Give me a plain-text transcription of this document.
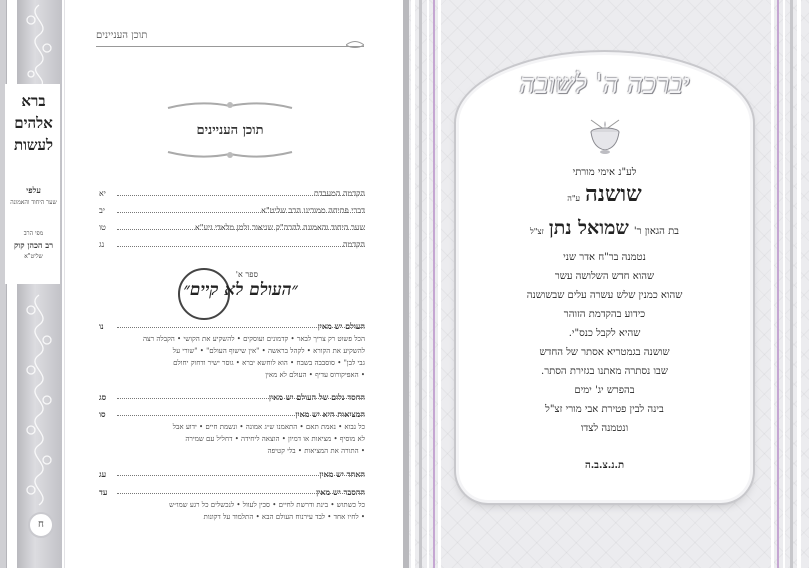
ברא
אלהים
לעשות
עלפי
שער היחוד והאמונה
מפי הרב
רב הכהן קוק
שליט"א
ח
תוכן העניינים
תוכן העניינים
הקדמה המעבדת
יא
דברי פתיחה ממורינו הרב שליט"א
יב
שער היחוד והאמונה להרה"ק שניאור זלמן מלאדי זיע"א
טו
הקדמה
נג
ספר א'
״העולם לא קיים״
העולם יש מאין
נו
הכל פשוט רק צריך לבאר • קדמונים ועוסקים • להשקיע את הקושי • הקבלה רצה
להשקיע את הקורא • לקהל בראשה • "אין שישוף העולם" • "שורי על
גבי לבן" • סוסבבה בשבח • הוא לוחשא יברא • גוסר ישיר ודחוק יחולם
• האפיקורוס עדיף • העולם לא מאין
החסד נלום של העולם יש מאין
סג
המציאות היא יש מאין
סו
כל נבוא • נאמת תאם • התאמנו ש״ג אמונה • ונשמת חיים • ידוע אבל
לא מוסיף • מציאות או דמיון • הוצאה ליחידה • דחליל עם שמירה
• התורה את המציאות • בלי קטיפה
האחד יש מאין
עג
ההסבר יש מאין
עד
כל כשתוש • בינת ודרשת לחיים • סכין לעוול • לנכשלים כל רגע שמו״ש
• לחיו אחד • לבד עירנוח העולם הבא • התלמוד על דקונות
יברכה ה' לשובה
לע"נ אימי מורתי
שושנה ע"ה
בת הגאון ר' שמואל נתן זצ"ל
נטמנה בר"ח אדר שני
שהוא חדש השלושה עשר
שהוא כמנין שלש עשרה עלים שבשושנה
כידוע בהקדמת הזוהר
שהיא לקבל כנס"י.
שושנה בגמטריא אסתר של החדש
שבו נסתרה מאתנו בגזירת הסתר.
בהפרש יג' ימים
בינה לבין פטירת אבי מורי זצ"ל
ונטמנה לצדו
ת.נ.צ.ב.ה
